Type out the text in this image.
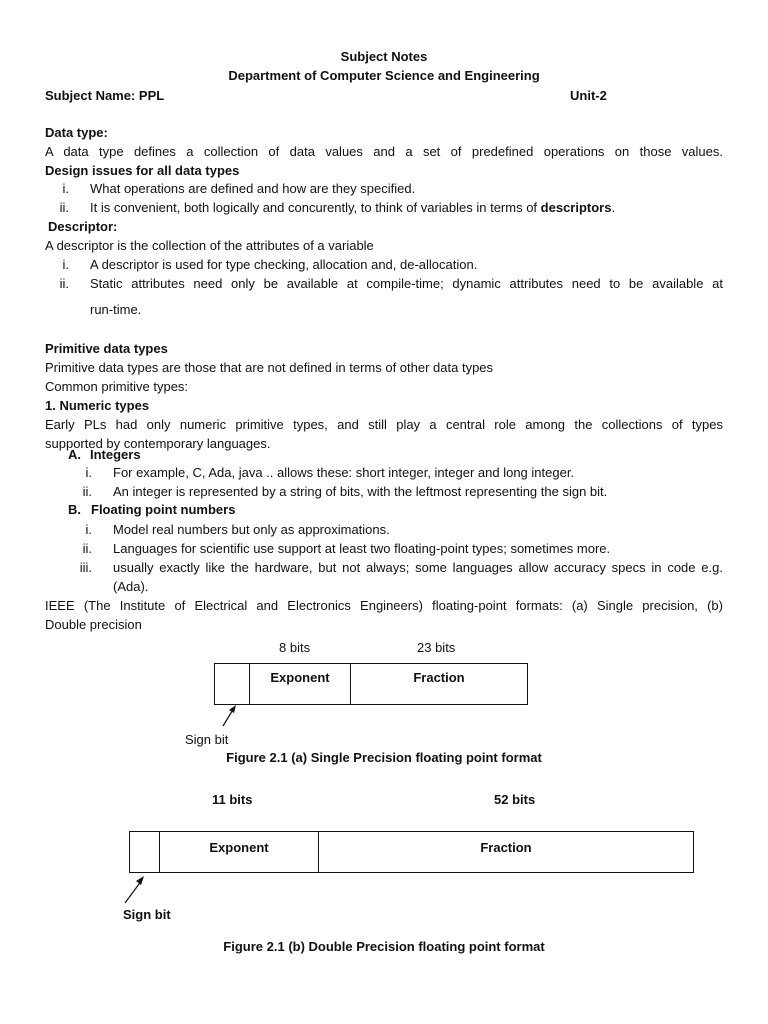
Subject Notes
Department of Computer Science and Engineering
Subject Name: PPL	Unit-2
Data type:
A data type defines a collection of data values and a set of predefined operations on those values.
Design issues for all data types
i. What operations are defined and how are they specified.
ii. It is convenient, both logically and concurently, to think of variables in terms of descriptors.
Descriptor:
A descriptor is the collection of the attributes of a variable
i. A descriptor is used for type checking, allocation and, de-allocation.
ii. Static attributes need only be available at compile-time; dynamic attributes need to be available at
run-time.
Primitive data types
Primitive data types are those that are not defined in terms of other data types
Common primitive types:
1. Numeric types
Early PLs had only numeric primitive types, and still play a central role among the collections of types
supported by contemporary languages.
A. Integers
i. For example, C, Ada, java .. allows these: short integer, integer and long integer.
ii. An integer is represented by a string of bits, with the leftmost representing the sign bit.
B. Floating point numbers
i. Model real numbers but only as approximations.
ii. Languages for scientific use support at least two floating-point types; sometimes more.
iii. usually exactly like the hardware, but not always; some languages allow accuracy specs in code e.g.
(Ada).
IEEE (The Institute of Electrical and Electronics Engineers) floating-point formats: (a) Single precision, (b)
Double precision
8 bits	23 bits
Exponent	Fraction
Sign bit
Figure 2.1 (a) Single Precision floating point format
11 bits	52 bits
Exponent	Fraction
Sign bit
Figure 2.1 (b) Double Precision floating point format
